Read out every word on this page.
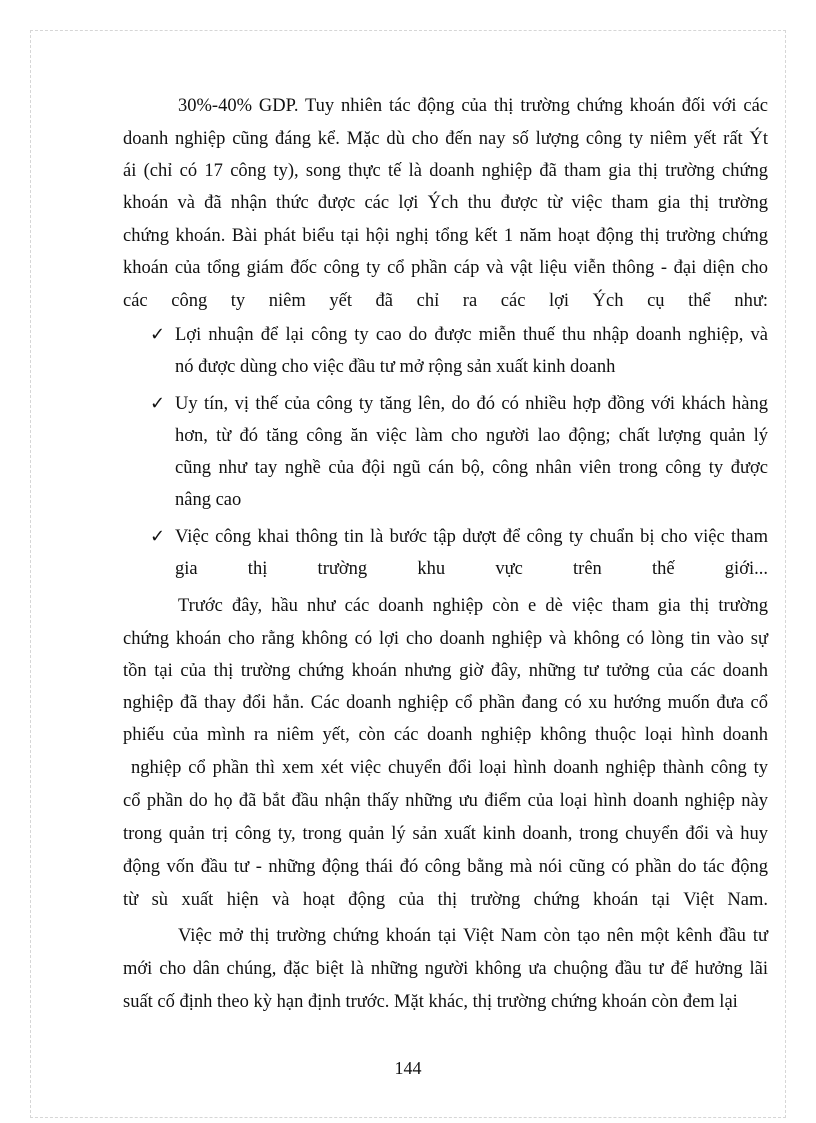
30%-40% GDP. Tuy nhiên tác động của thị trường chứng khoán đối với các
doanh nghiệp cũng đáng kể. Mặc dù cho đến nay số lượng công ty niêm yết rất Ýt
ái (chỉ có 17 công ty), song thực tế là doanh nghiệp đã tham gia thị trường chứng
khoán và đã nhận thức được các lợi Ých thu được từ việc tham gia thị trường
chứng khoán. Bài phát biểu tại hội nghị tổng kết 1 năm hoạt động thị trường chứng
khoán của tổng giám đốc công ty cổ phần cáp và vật liệu viễn thông - đại diện cho
các công ty niêm yết đã chỉ ra các lợi Ých cụ thể như:
✓ Lợi nhuận để lại công ty cao do được miễn thuế thu nhập doanh nghiệp, và
nó được dùng cho việc đầu tư mở rộng sản xuất kinh doanh
✓ Uy tín, vị thế của công ty tăng lên, do đó có nhiều hợp đồng với khách hàng
hơn, từ đó tăng công ăn việc làm cho người lao động; chất lượng quản lý
cũng như tay nghề của đội ngũ cán bộ, công nhân viên trong công ty được
nâng cao
✓ Việc công khai thông tin là bước tập dượt để công ty chuẩn bị cho việc tham
gia thị trường khu vực trên thế giới...
Trước đây, hầu như các doanh nghiệp còn e dè việc tham gia thị trường
chứng khoán cho rằng không có lợi cho doanh nghiệp và không có lòng tin vào sự
tồn tại của thị trường chứng khoán nhưng giờ đây, những tư tưởng của các doanh
nghiệp đã thay đổi hẳn. Các doanh nghiệp cổ phần đang có xu hướng muốn đưa cổ
phiếu của mình ra niêm yết, còn các doanh nghiệp không thuộc loại hình doanh
nghiệp cổ phần thì xem xét việc chuyển đổi loại hình doanh nghiệp thành công ty
cổ phần do họ đã bắt đầu nhận thấy những ưu điểm của loại hình doanh nghiệp này
trong quản trị công ty, trong quản lý sản xuất kinh doanh, trong chuyển đổi và huy
động vốn đầu tư - những động thái đó công bằng mà nói cũng có phần do tác động
từ sù xuất hiện và hoạt động của thị trường chứng khoán tại Việt Nam.
Việc mở thị trường chứng khoán tại Việt Nam còn tạo nên một kênh đầu tư
mới cho dân chúng, đặc biệt là những người không ưa chuộng đầu tư để hưởng lãi
suất cố định theo kỳ hạn định trước. Mặt khác, thị trường chứng khoán còn đem lại
144
